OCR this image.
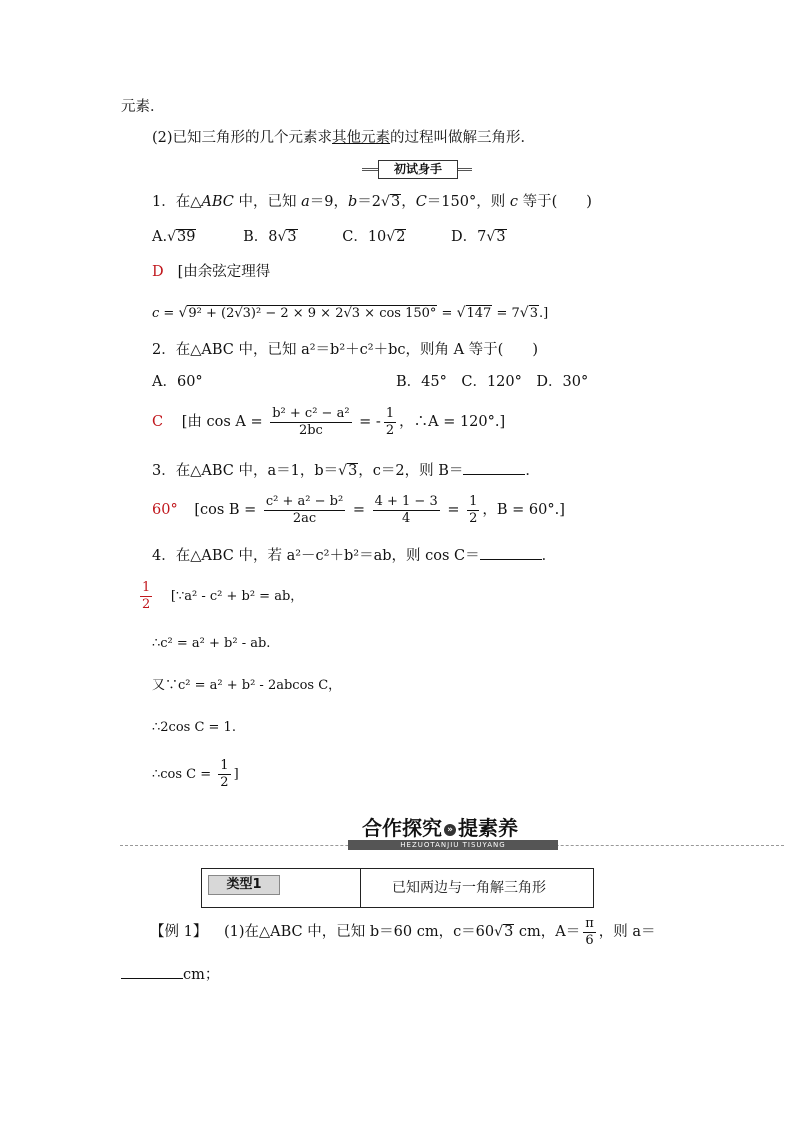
元素．
(2)已知三角形的几个元素求其他元素的过程叫做解三角形．
初试身手
1．在△ABC 中，已知 a＝9，b＝2√3，C＝150°，则 c 等于(　　)
A.√39	B．8√3	C．10√2	D．7√3
D [由余弦定理得
c = √9² + (2√3)² − 2 × 9 × 2√3 × cos 150° = √147 = 7√3.]
2．在△ABC 中，已知 a²＝b²＋c²＋bc，则角 A 等于(　　)
A．60°	B．45°　C．120°　D．30°
C [由 $\cos A = \frac{\text{b² + c² − a²}}{2bc}$ = - $\frac{1}{2}$ ，∴A = 120°.]
3．在△ABC 中，a＝1，b＝√3，c＝2，则 B＝	．
60° [cos $B = \frac{\text{c² + a² − b²}}{2ac} = \frac{4 + 1 - 3}{4} = \frac{1}{2}$ ，B = 60°.]
4．在△ABC 中，若 a²－c²＋b²＝ab，则 cos C＝	．
$\frac{1}{2}$ [∵a² - c² + b² = ab，
∴c² = a² + b² - ab.
又∵c² = a² + b² - 2abcos C，
∴2cos C = 1.
∴cos $C = \frac{1}{2}$ ]
合作探究 » 提素养
HEZUOTANJIU TISUYANG
类型1	已知两边与一角解三角形
【例 1】 (1)在△ABC 中，已知 b＝60 cm，c＝60√3 cm，$A= \frac{\pi}{6}$ ，则 a＝
cm；
